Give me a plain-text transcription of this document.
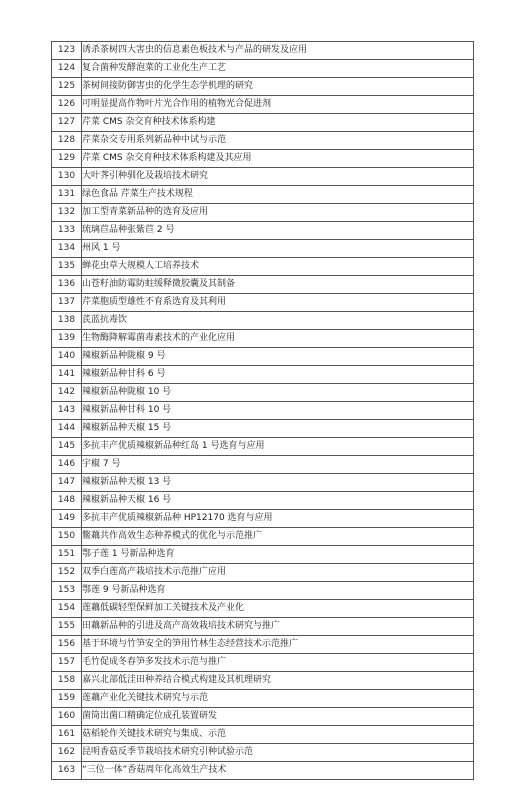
123	诱杀茶树四大害虫的信息素色板技术与产品的研发及应用
124	复合菌种发酵泡菜的工业化生产工艺
125	茶树间接防御害虫的化学生态学机理的研究
126	可明显提高作物叶片光合作用的植物光合促进剂
127	芹菜 CMS 杂交育种技术体系构建
128	芹菜杂交专用系列新品种中试与示范
129	芹菜 CMS 杂交育种技术体系构建及其应用
130	大叶荠引种驯化及栽培技术研究
131	绿色食品 芹菜生产技术规程
132	加工型青菜新品种的选育及应用
133	琉璃苣品种张紫苣 2 号
134	州风 1 号
135	蝉花虫草大规模人工培养技术
136	山苍籽油防霉防蛀缓释微胶囊及其制备
137	芹菜胞质型雄性不育系选育及其利用
138	芪蓝抗毒饮
139	生物酶降解霉菌毒素技术的产业化应用
140	辣椒新品种陇椒 9 号
141	辣椒新品种甘科 6 号
142	辣椒新品种陇椒 10 号
143	辣椒新品种甘科 10 号
144	辣椒新品种天椒 15 号
145	多抗丰产优质辣椒新品种红岛 1 号选育与应用
146	宇椒 7 号
147	辣椒新品种天椒 13 号
148	辣椒新品种天椒 16 号
149	多抗丰产优质辣椒新品种 HP12170 选育与应用
150	鳖藕共作高效生态种养模式的优化与示范推广
151	鄂子莲 1 号新品种选育
152	双季白莲高产栽培技术示范推广应用
153	鄂莲 9 号新品种选育
154	莲藕低碳轻型保鲜加工关键技术及产业化
155	田藕新品种的引进及高产高效栽培技术研究与推广
156	基于环境与竹笋安全的笋用竹林生态经营技术示范推广
157	毛竹促成冬春笋多发技术示范与推广
158	嘉兴北部低洼田种养结合模式构建及其机理研究
159	莲藕产业化关键技术研究与示范
160	菌筒出菌口精确定位成孔装置研发
161	菇稻轮作关键技术研究与集成、示范
162	昆明香菇反季节栽培技术研究引种试验示范
163	“三位一体”香菇周年化高效生产技术
